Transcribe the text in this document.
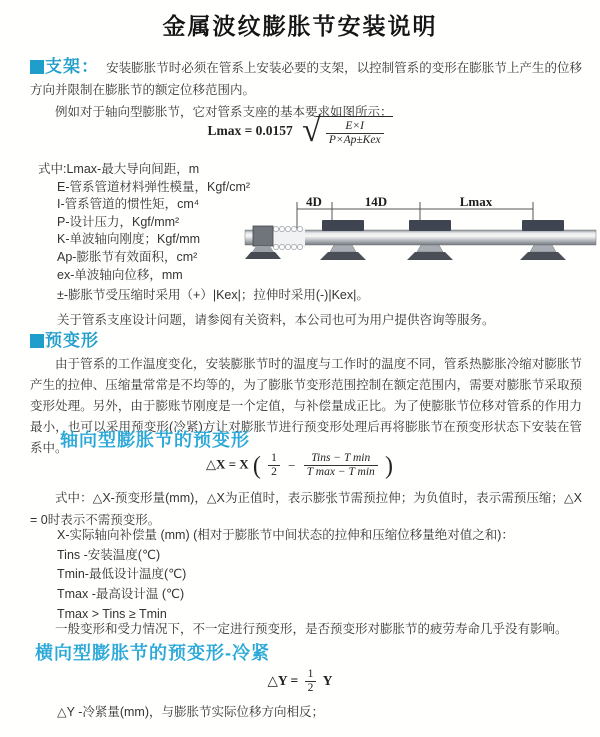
金属波纹膨胀节安装说明
支架： 安装膨胀节时必须在管系上安装必要的支架，以控制管系的变形在膨胀节上产生的位移方向并限制在膨胀节的额定位移范围内。

例如对于轴向型膨胀节，它对管系支座的基本要求如图所示：

Lmax = 0.0157 √ $\frac{E\times I}{\text{P×Ap±Kex}}$
式中:Lmax-最大导向间距，m
E-管系管道材料弹性模量，Kgf/cm²
I-管系管道的惯性矩，cm⁴
P-设计压力，Kgf/mm²
K-单波轴向刚度；Kgf/mm
Ap-膨胀节有效面积，cm²
ex-单波轴向位移，mm
±-膨胀节受压缩时采用（+）|Kex|；拉伸时采用(-)|Kex|。
关于管系支座设计问题，请参阅有关资料，本公司也可为用户提供咨询等服务。
4D	14D	Lmax
预变形
由于管系的工作温度变化，安装膨胀节时的温度与工作时的温度不同，管系热膨胀冷缩对膨胀节产生的拉伸、压缩量常常是不均等的，为了膨胀节变形范围控制在额定范围内，需要对膨胀节采取预变形处理。另外，由于膨账节刚度是一个定值，与补偿量成正比。为了使膨胀节位移对管系的作用力最小，也可以采用预变形(冷紧)方让对膨胀节进行预变形处理后再将膨胀节在预变形状态下安装在管系中。
轴向型膨胀节的预变形
△X = X ( $\frac{1}{2} - \frac{\text{Tins − T min}}{\text{T max − T min}}$ )
式中：△X-预变形量(mm)，△X为正值时，表示膨张节需预拉伸；为负值时，表示需预压缩；△X = 0时表示不需预变形。
X-实际轴向补偿量 (mm) (相对于膨胀节中间状态的拉伸和压缩位移量绝对值之和)：
Tins -安装温度(℃)
Tmin-最低设计温度(℃)
Tmax -最高设计温 (℃)
Tmax > Tins ≥ Tmin
一般变形和受力情况下，不一定进行预变形，是否预变形对膨胀节的疲劳寿命几乎没有影响。
横向型膨胀节的预变形-冷紧
△Y = $\frac{1}{2}$ Y
△Y -冷紧量(mm)，与膨胀节实际位移方向相反；
